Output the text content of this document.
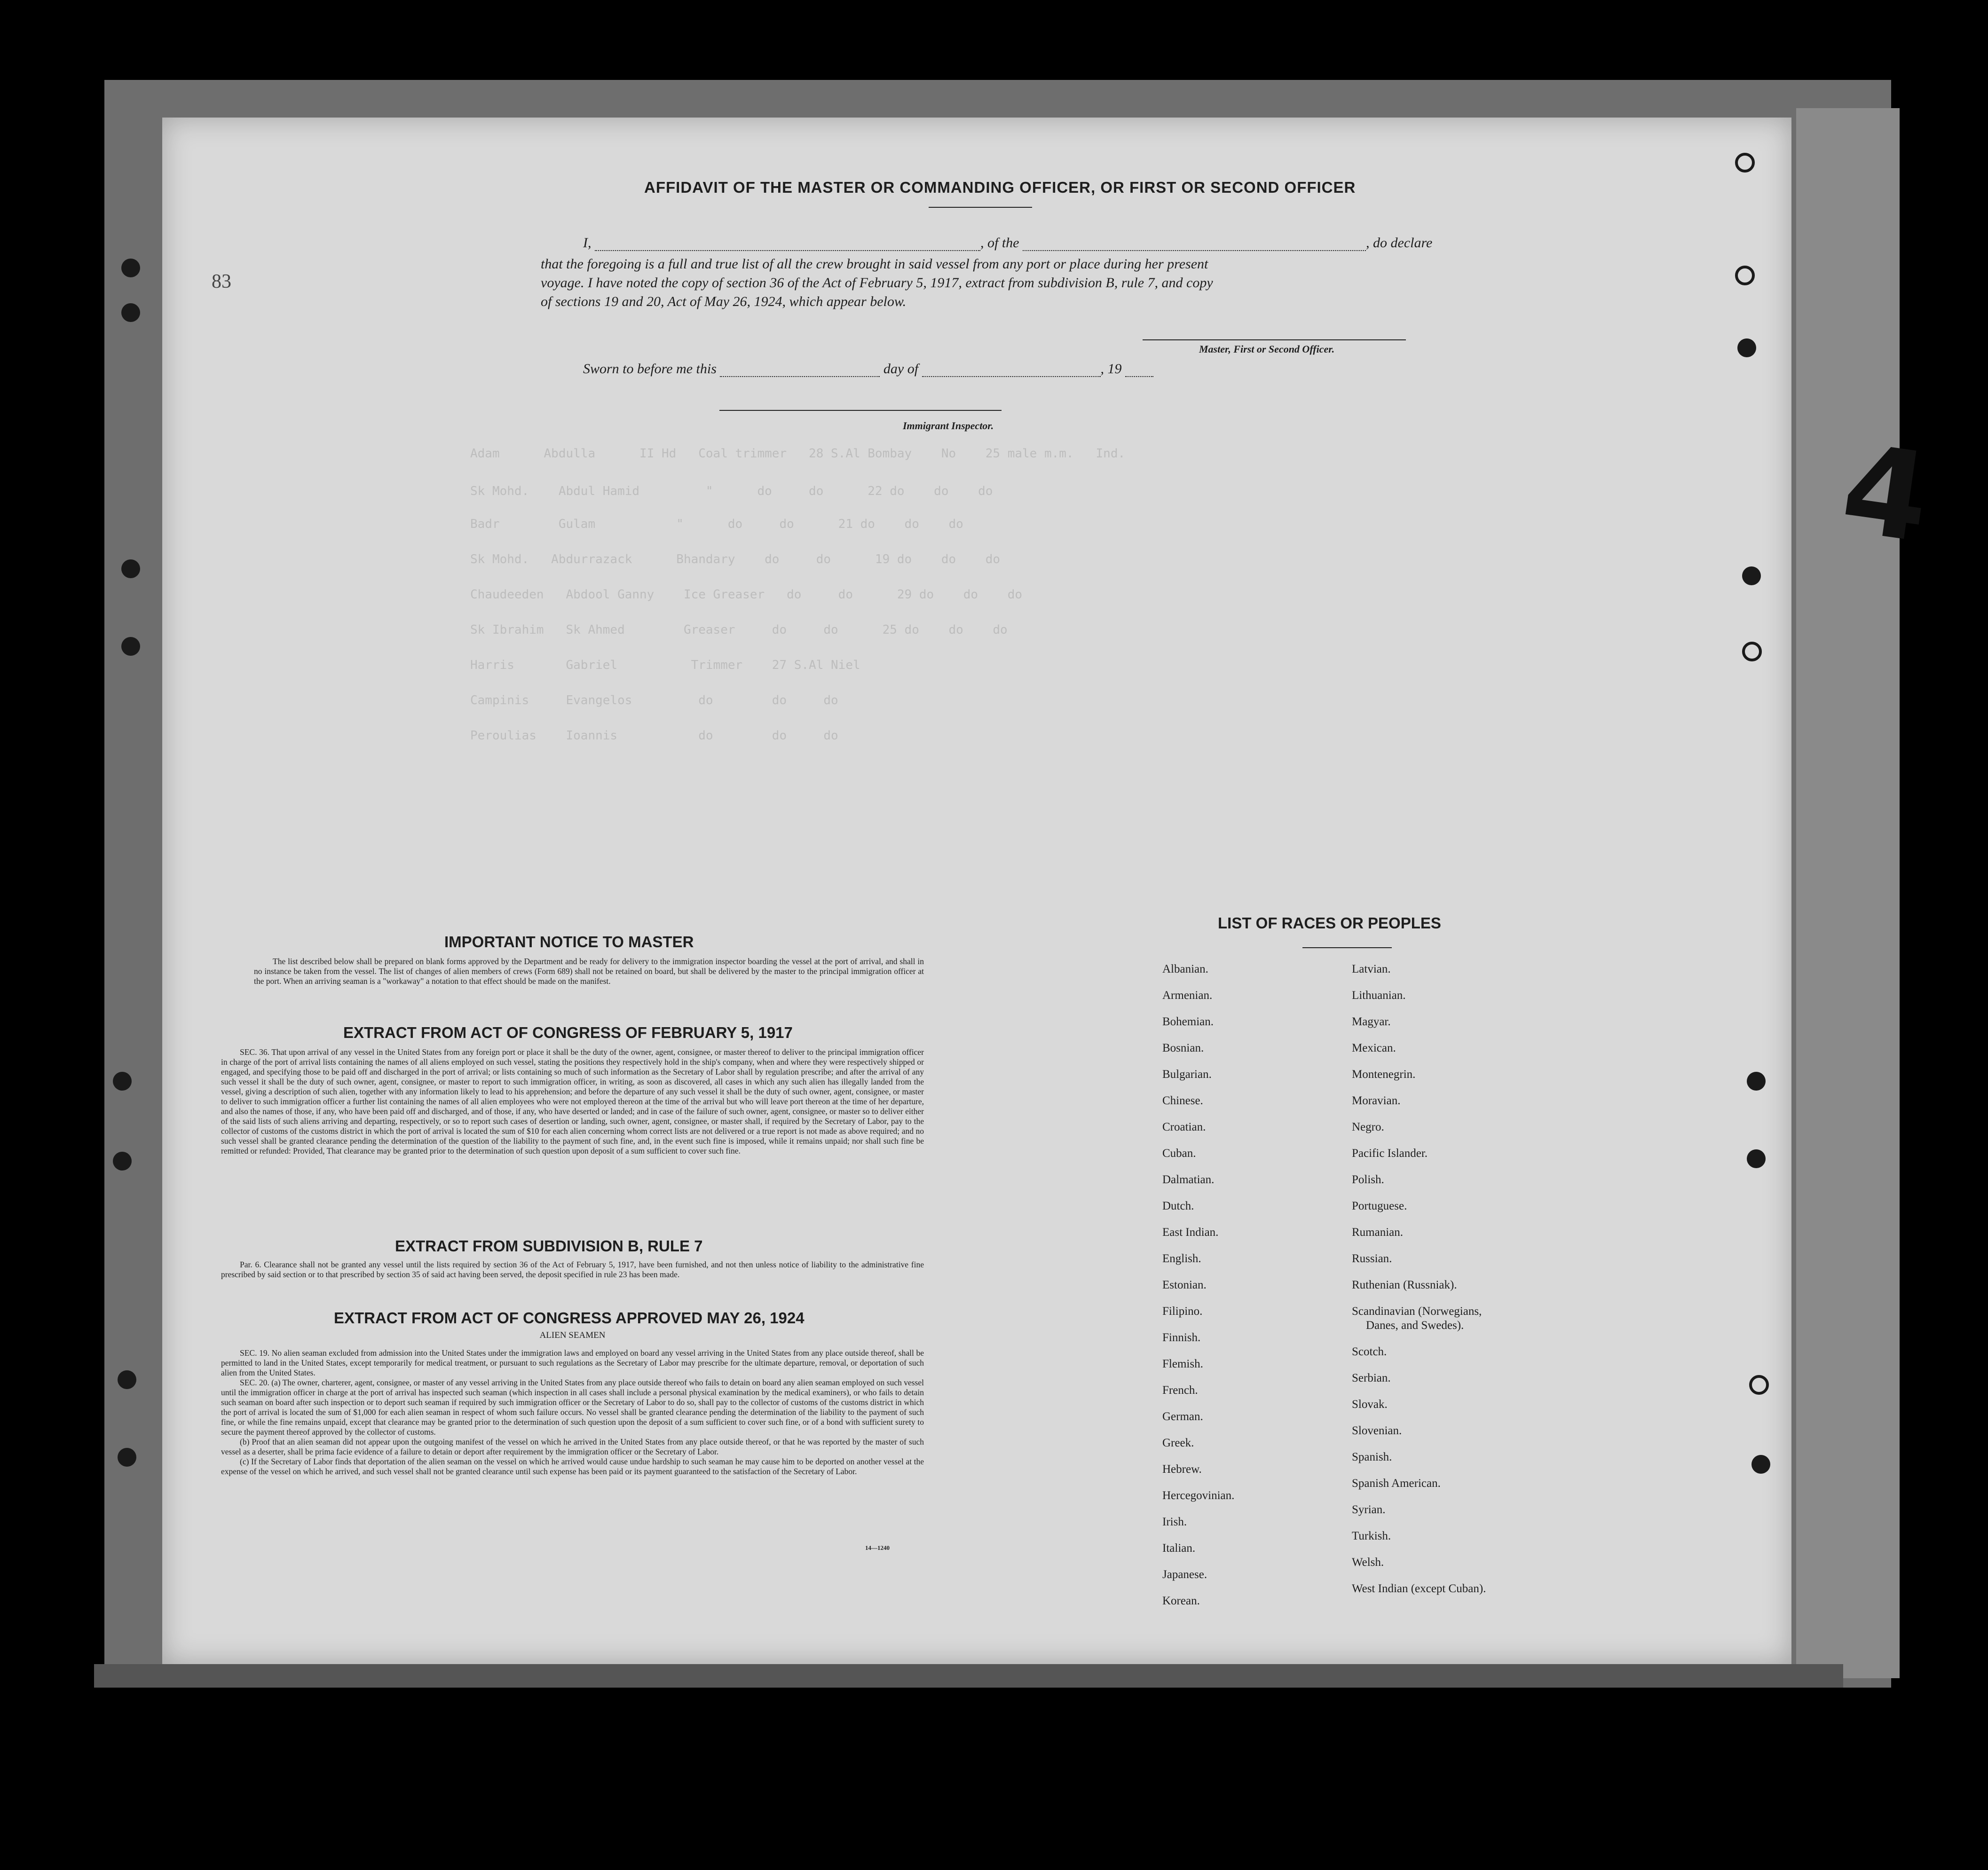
Adam      Abdulla      II Hd   Coal trimmer   28 S.Al Bombay    No    25 male m.m.   Ind.
Sk Mohd.    Abdul Hamid         "      do     do      22 do    do    do
Badr        Gulam           "      do     do      21 do    do    do
Sk Mohd.   Abdurrazack      Bhandary    do     do      19 do    do    do
Chaudeeden   Abdool Ganny    Ice Greaser   do     do      29 do    do    do
Sk Ibrahim   Sk Ahmed        Greaser     do     do      25 do    do    do
Harris       Gabriel          Trimmer    27 S.Al Niel
Campinis     Evangelos         do        do     do
Peroulias    Ioannis           do        do     do
83
4
AFFIDAVIT OF THE MASTER OR COMMANDING OFFICER, OR FIRST OR SECOND OFFICER
I,	, of the	, do declare
that the foregoing is a full and true list of all the crew brought in said vessel from any port or place during her present
voyage. I have noted the copy of section 36 of the Act of February 5, 1917, extract from subdivision B, rule 7, and copy
of sections 19 and 20, Act of May 26, 1924, which appear below.
Master, First or Second Officer.
Sworn to before me this	day of	, 19
Immigrant Inspector.
IMPORTANT NOTICE TO MASTER

The list described below shall be prepared on blank forms approved by the Department and be ready for delivery to the immigration inspector boarding the vessel at the port of arrival, and shall in no instance be taken from the vessel. The list of changes of alien members of crews (Form 689) shall not be retained on board, but shall be delivered by the master to the principal immigration officer at the port. When an arriving seaman is a "workaway" a notation to that effect should be made on the manifest.

EXTRACT FROM ACT OF CONGRESS OF FEBRUARY 5, 1917

SEC. 36. That upon arrival of any vessel in the United States from any foreign port or place it shall be the duty of the owner, agent, consignee, or master thereof to deliver to the principal immigration officer in charge of the port of arrival lists containing the names of all aliens employed on such vessel, stating the positions they respectively hold in the ship's company, when and where they were respectively shipped or engaged, and specifying those to be paid off and discharged in the port of arrival; or lists containing so much of such information as the Secretary of Labor shall by regulation prescribe; and after the arrival of any such vessel it shall be the duty of such owner, agent, consignee, or master to report to such immigration officer, in writing, as soon as discovered, all cases in which any such alien has illegally landed from the vessel, giving a description of such alien, together with any information likely to lead to his apprehension; and before the departure of any such vessel it shall be the duty of such owner, agent, consignee, or master to deliver to such immigration officer a further list containing the names of all alien employees who were not employed thereon at the time of the arrival but who will leave port thereon at the time of her departure, and also the names of those, if any, who have been paid off and discharged, and of those, if any, who have deserted or landed; and in case of the failure of such owner, agent, consignee, or master so to deliver either of the said lists of such aliens arriving and departing, respectively, or so to report such cases of desertion or landing, such owner, agent, consignee, or master shall, if required by the Secretary of Labor, pay to the collector of customs of the customs district in which the port of arrival is located the sum of $10 for each alien concerning whom correct lists are not delivered or a true report is not made as above required; and no such vessel shall be granted clearance pending the determination of the question of the liability to the payment of such fine, and, in the event such fine is imposed, while it remains unpaid; nor shall such fine be remitted or refunded: Provided, That clearance may be granted prior to the determination of such question upon deposit of a sum sufficient to cover such fine.

EXTRACT FROM SUBDIVISION B, RULE 7

Par. 6. Clearance shall not be granted any vessel until the lists required by section 36 of the Act of February 5, 1917, have been furnished, and not then unless notice of liability to the administrative fine prescribed by said section or to that prescribed by section 35 of said act having been served, the deposit specified in rule 23 has been made.

EXTRACT FROM ACT OF CONGRESS APPROVED MAY 26, 1924
ALIEN SEAMEN

SEC. 19. No alien seaman excluded from admission into the United States under the immigration laws and employed on board any vessel arriving in the United States from any place outside thereof, shall be permitted to land in the United States, except temporarily for medical treatment, or pursuant to such regulations as the Secretary of Labor may prescribe for the ultimate departure, removal, or deportation of such alien from the United States.

SEC. 20. (a) The owner, charterer, agent, consignee, or master of any vessel arriving in the United States from any place outside thereof who fails to detain on board any alien seaman employed on such vessel until the immigration officer in charge at the port of arrival has inspected such seaman (which inspection in all cases shall include a personal physical examination by the medical examiners), or who fails to detain such seaman on board after such inspection or to deport such seaman if required by such immigration officer or the Secretary of Labor to do so, shall pay to the collector of customs of the customs district in which the port of arrival is located the sum of $1,000 for each alien seaman in respect of whom such failure occurs. No vessel shall be granted clearance pending the determination of the liability to the payment of such fine, or while the fine remains unpaid, except that clearance may be granted prior to the determination of such question upon the deposit of a sum sufficient to cover such fine, or of a bond with sufficient surety to secure the payment thereof approved by the collector of customs.

(b) Proof that an alien seaman did not appear upon the outgoing manifest of the vessel on which he arrived in the United States from any place outside thereof, or that he was reported by the master of such vessel as a deserter, shall be prima facie evidence of a failure to detain or deport after requirement by the immigration officer or the Secretary of Labor.

(c) If the Secretary of Labor finds that deportation of the alien seaman on the vessel on which he arrived would cause undue hardship to such seaman he may cause him to be deported on another vessel at the expense of the vessel on which he arrived, and such vessel shall not be granted clearance until such expense has been paid or its payment guaranteed to the satisfaction of the Secretary of Labor.

14—1240
LIST OF RACES OR PEOPLES
Albanian.
Armenian.
Bohemian.
Bosnian.
Bulgarian.
Chinese.
Croatian.
Cuban.
Dalmatian.
Dutch.
East Indian.
English.
Estonian.
Filipino.
Finnish.
Flemish.
French.
German.
Greek.
Hebrew.
Hercegovinian.
Irish.
Italian.
Japanese.
Korean.
Latvian.
Lithuanian.
Magyar.
Mexican.
Montenegrin.
Moravian.
Negro.
Pacific Islander.
Polish.
Portuguese.
Rumanian.
Russian.
Ruthenian (Russniak).
Scandinavian (Norwegians,
Danes, and Swedes).
Scotch.
Serbian.
Slovak.
Slovenian.
Spanish.
Spanish American.
Syrian.
Turkish.
Welsh.
West Indian (except Cuban).
